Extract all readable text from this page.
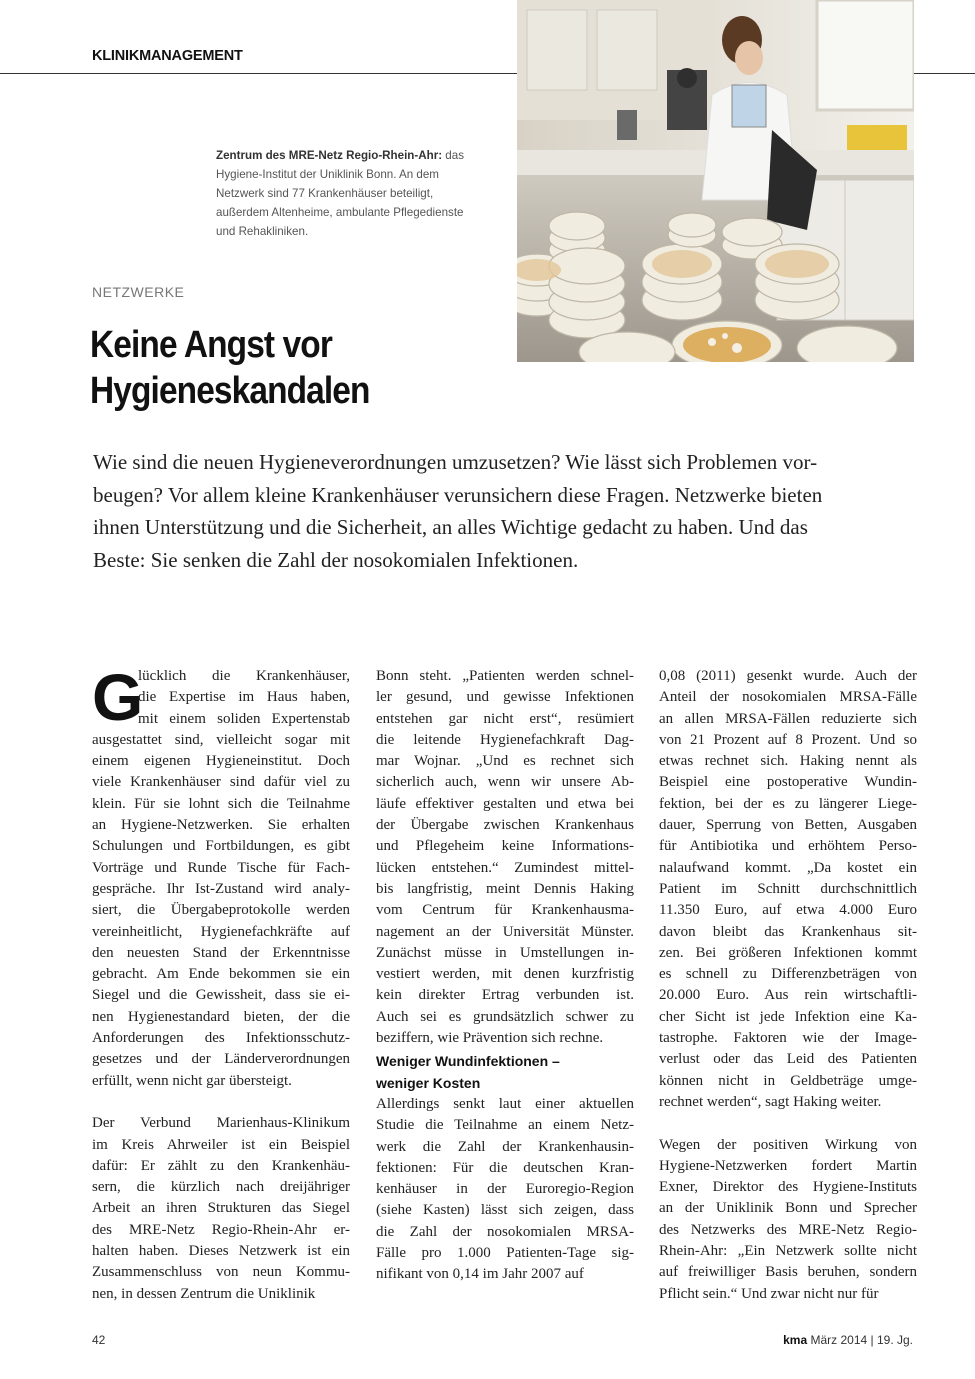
KLINIKMANAGEMENT
Zentrum des MRE-Netz Regio-Rhein-Ahr: das
Hygiene-Institut der Uniklinik Bonn. An dem
Netzwerk sind 77 Krankenhäuser beteiligt,
außerdem Altenheime, ambulante Pflegedienste
und Rehakliniken.
NETZWERKE
Keine Angst vor
Hygieneskandalen

Wie sind die neuen Hygieneverordnungen umzusetzen? Wie lässt sich Problemen vor-

beugen? Vor allem kleine Krankenhäuser verunsichern diese Fragen. Netzwerke bieten

ihnen Unterstützung und die Sicherheit, an alles Wichtige gedacht zu haben. Und das

Beste: Sie senken die Zahl der nosokomialen Infektionen.

G
lücklich die Krankenhäuser,
die Expertise im Haus haben,
mit einem soliden Expertenstab
ausgestattet sind, vielleicht sogar mit
einem eigenen Hygieneinstitut. Doch
viele Krankenhäuser sind dafür viel zu
klein. Für sie lohnt sich die Teilnahme
an Hygiene-Netzwerken. Sie erhalten
Schulungen und Fortbildungen, es gibt
Vorträge und Runde Tische für Fach-
gespräche. Ihr Ist-Zustand wird analy-
siert, die Übergabeprotokolle werden
vereinheitlicht, Hygienefachkräfte auf
den neuesten Stand der Erkenntnisse
gebracht. Am Ende bekommen sie ein
Siegel und die Gewissheit, dass sie ei-
nen Hygienestandard bieten, der die
Anforderungen des Infektionsschutz-
gesetzes und der Länderverordnungen
erfüllt, wenn nicht gar übersteigt.
Der Verbund Marienhaus-Klinikum
im Kreis Ahrweiler ist ein Beispiel
dafür: Er zählt zu den Krankenhäu-
sern, die kürzlich nach dreijähriger
Arbeit an ihren Strukturen das Siegel
des MRE-Netz Regio-Rhein-Ahr er-
halten haben. Dieses Netzwerk ist ein
Zusammenschluss von neun Kommu-
nen, in dessen Zentrum die Uniklinik
Bonn steht. „Patienten werden schnel-
ler gesund, und gewisse Infektionen
entstehen gar nicht erst“, resümiert
die leitende Hygienefachkraft Dag-
mar Wojnar. „Und es rechnet sich
sicherlich auch, wenn wir unsere Ab-
läufe effektiver gestalten und etwa bei
der Übergabe zwischen Krankenhaus
und Pflegeheim keine Informations-
lücken entstehen.“ Zumindest mittel-
bis langfristig, meint Dennis Haking
vom Centrum für Krankenhausma-
nagement an der Universität Münster.
Zunächst müsse in Umstellungen in-
vestiert werden, mit denen kurzfristig
kein direkter Ertrag verbunden ist.
Auch sei es grundsätzlich schwer zu
beziffern, wie Prävention sich rechne.
Weniger Wundinfektionen –
weniger Kosten
Allerdings senkt laut einer aktuellen
Studie die Teilnahme an einem Netz-
werk die Zahl der Krankenhausin-
fektionen: Für die deutschen Kran-
kenhäuser in der Euroregio-Region
(siehe Kasten) lässt sich zeigen, dass
die Zahl der nosokomialen MRSA-
Fälle pro 1.000 Patienten-Tage sig-
nifikant von 0,14 im Jahr 2007 auf
0,08 (2011) gesenkt wurde. Auch der
Anteil der nosokomialen MRSA-Fälle
an allen MRSA-Fällen reduzierte sich
von 21 Prozent auf 8 Prozent. Und so
etwas rechnet sich. Haking nennt als
Beispiel eine postoperative Wundin-
fektion, bei der es zu längerer Liege-
dauer, Sperrung von Betten, Ausgaben
für Antibiotika und erhöhtem Perso-
nalaufwand kommt. „Da kostet ein
Patient im Schnitt durchschnittlich
11.350 Euro, auf etwa 4.000 Euro
davon bleibt das Krankenhaus sit-
zen. Bei größeren Infektionen kommt
es schnell zu Differenzbeträgen von
20.000 Euro. Aus rein wirtschaftli-
cher Sicht ist jede Infektion eine Ka-
tastrophe. Faktoren wie der Image-
verlust oder das Leid des Patienten
können nicht in Geldbeträge umge-
rechnet werden“, sagt Haking weiter.
Wegen der positiven Wirkung von
Hygiene-Netzwerken fordert Martin
Exner, Direktor des Hygiene-Instituts
an der Uniklinik Bonn und Sprecher
des Netzwerks des MRE-Netz Regio-
Rhein-Ahr: „Ein Netzwerk sollte nicht
auf freiwilliger Basis beruhen, sondern
Pflicht sein.“ Und zwar nicht nur für
42	kma März 2014 | 19. Jg.
